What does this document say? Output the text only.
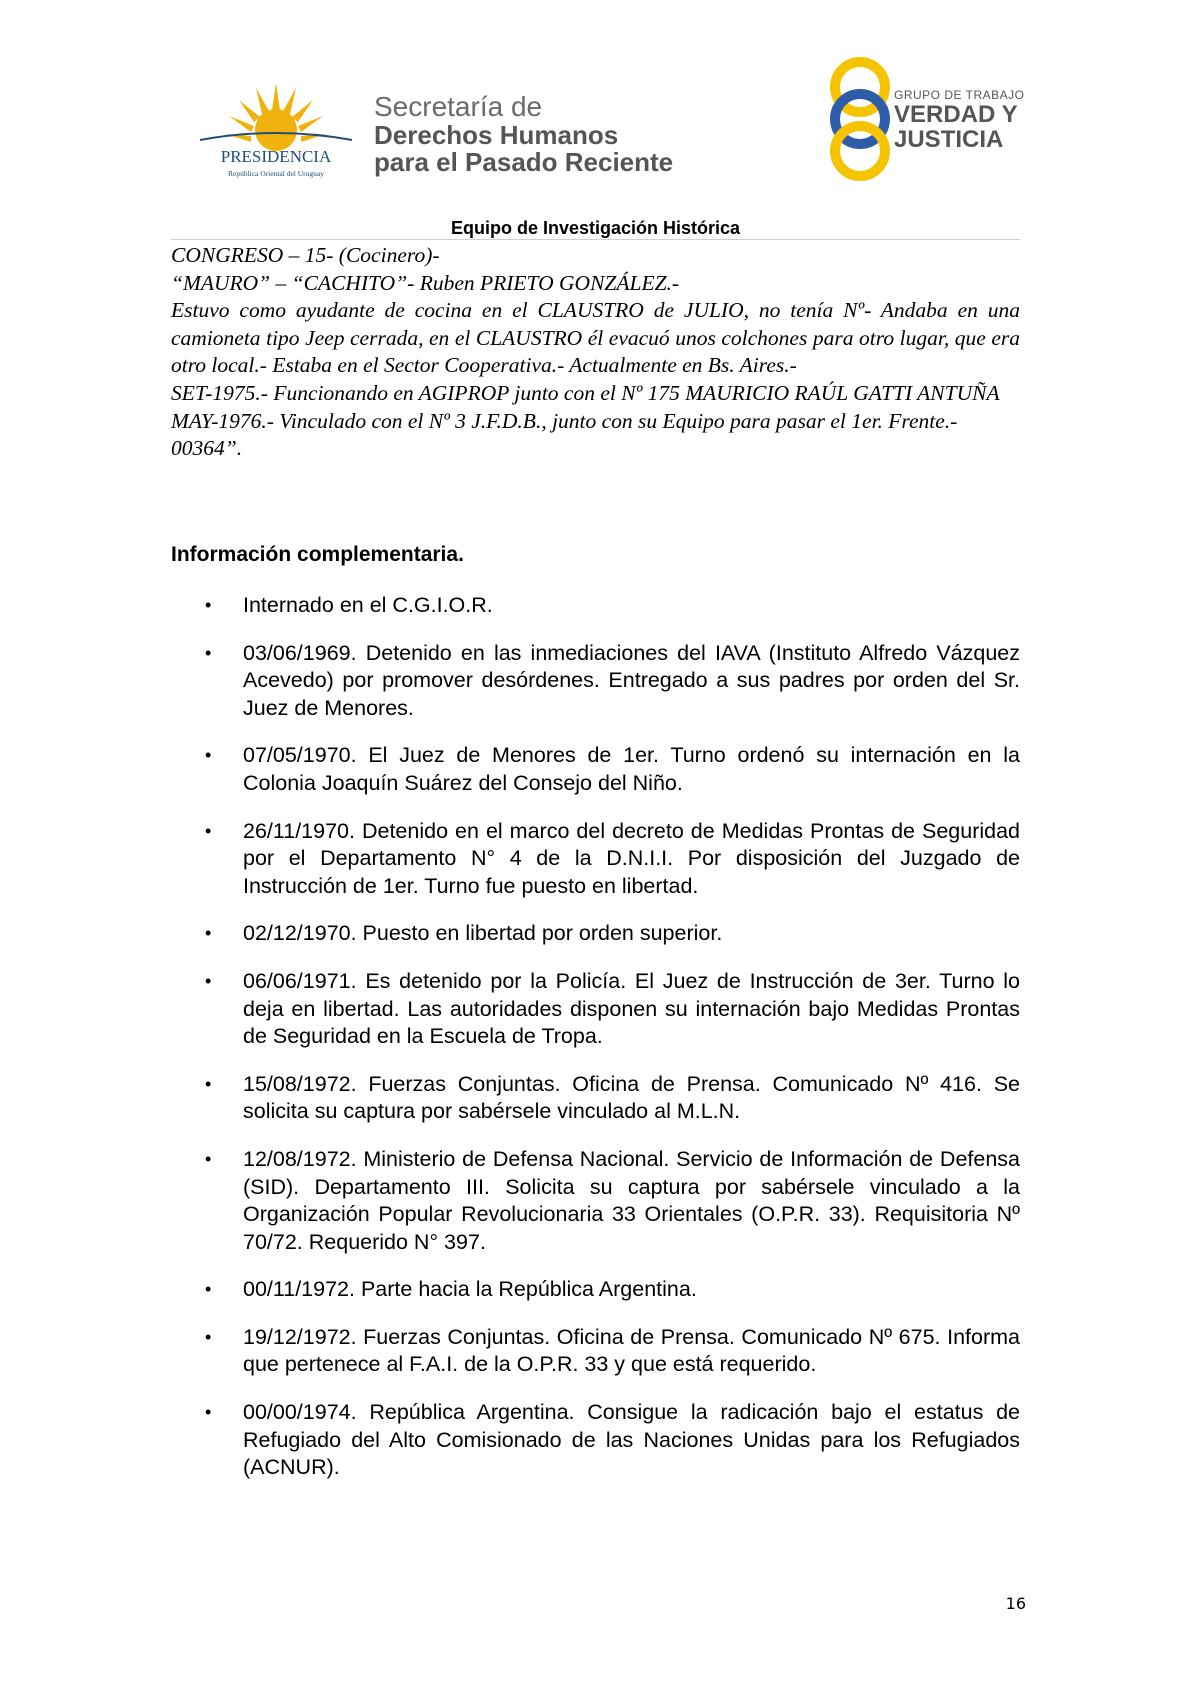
PRESIDENCIA
República Oriental del Uruguay
Secretaría de
Derechos Humanos
para el Pasado Reciente
GRUPO DE TRABAJO
VERDAD Y
JUSTICIA
Equipo de Investigación Histórica

CONGRESO – 15- (Cocinero)-

“MAURO” – “CACHITO”- Ruben PRIETO GONZÁLEZ.-

Estuvo como ayudante de cocina en el CLAUSTRO de JULIO, no tenía Nº- Andaba en una camioneta tipo Jeep cerrada, en el CLAUSTRO él evacuó unos colchones para otro lugar, que era otro local.- Estaba en el Sector Cooperativa.- Actualmente en Bs. Aires.-

SET-1975.- Funcionando en AGIPROP junto con el Nº 175 MAURICIO RAÚL GATTI ANTUÑA

MAY-1976.- Vinculado con el Nº 3 J.F.D.B., junto con su Equipo para pasar el 1er. Frente.-

00364”.

Información complementaria.
• Internado en el C.G.I.O.R.
• 03/06/1969. Detenido en las inmediaciones del IAVA (Instituto Alfredo Vázquez Acevedo) por promover desórdenes. Entregado a sus padres por orden del Sr. Juez de Menores.
• 07/05/1970. El Juez de Menores de 1er. Turno ordenó su internación en la Colonia Joaquín Suárez del Consejo del Niño.
• 26/11/1970. Detenido en el marco del decreto de Medidas Prontas de Seguridad por el Departamento N° 4 de la D.N.I.I. Por disposición del Juzgado de Instrucción de 1er. Turno fue puesto en libertad.
• 02/12/1970. Puesto en libertad por orden superior.
• 06/06/1971. Es detenido por la Policía. El Juez de Instrucción de 3er. Turno lo deja en libertad. Las autoridades disponen su internación bajo Medidas Prontas de Seguridad en la Escuela de Tropa.
• 15/08/1972. Fuerzas Conjuntas. Oficina de Prensa. Comunicado Nº 416. Se solicita su captura por sabérsele vinculado al M.L.N.
• 12/08/1972. Ministerio de Defensa Nacional. Servicio de Información de Defensa (SID). Departamento III. Solicita su captura por sabérsele vinculado a la Organización Popular Revolucionaria 33 Orientales (O.P.R. 33). Requisitoria Nº 70/72. Requerido N° 397.
• 00/11/1972. Parte hacia la República Argentina.
• 19/12/1972. Fuerzas Conjuntas. Oficina de Prensa. Comunicado Nº 675. Informa que pertenece al F.A.I. de la O.P.R. 33 y que está requerido.
• 00/00/1974. República Argentina. Consigue la radicación bajo el estatus de Refugiado del Alto Comisionado de las Naciones Unidas para los Refugiados (ACNUR).
16
